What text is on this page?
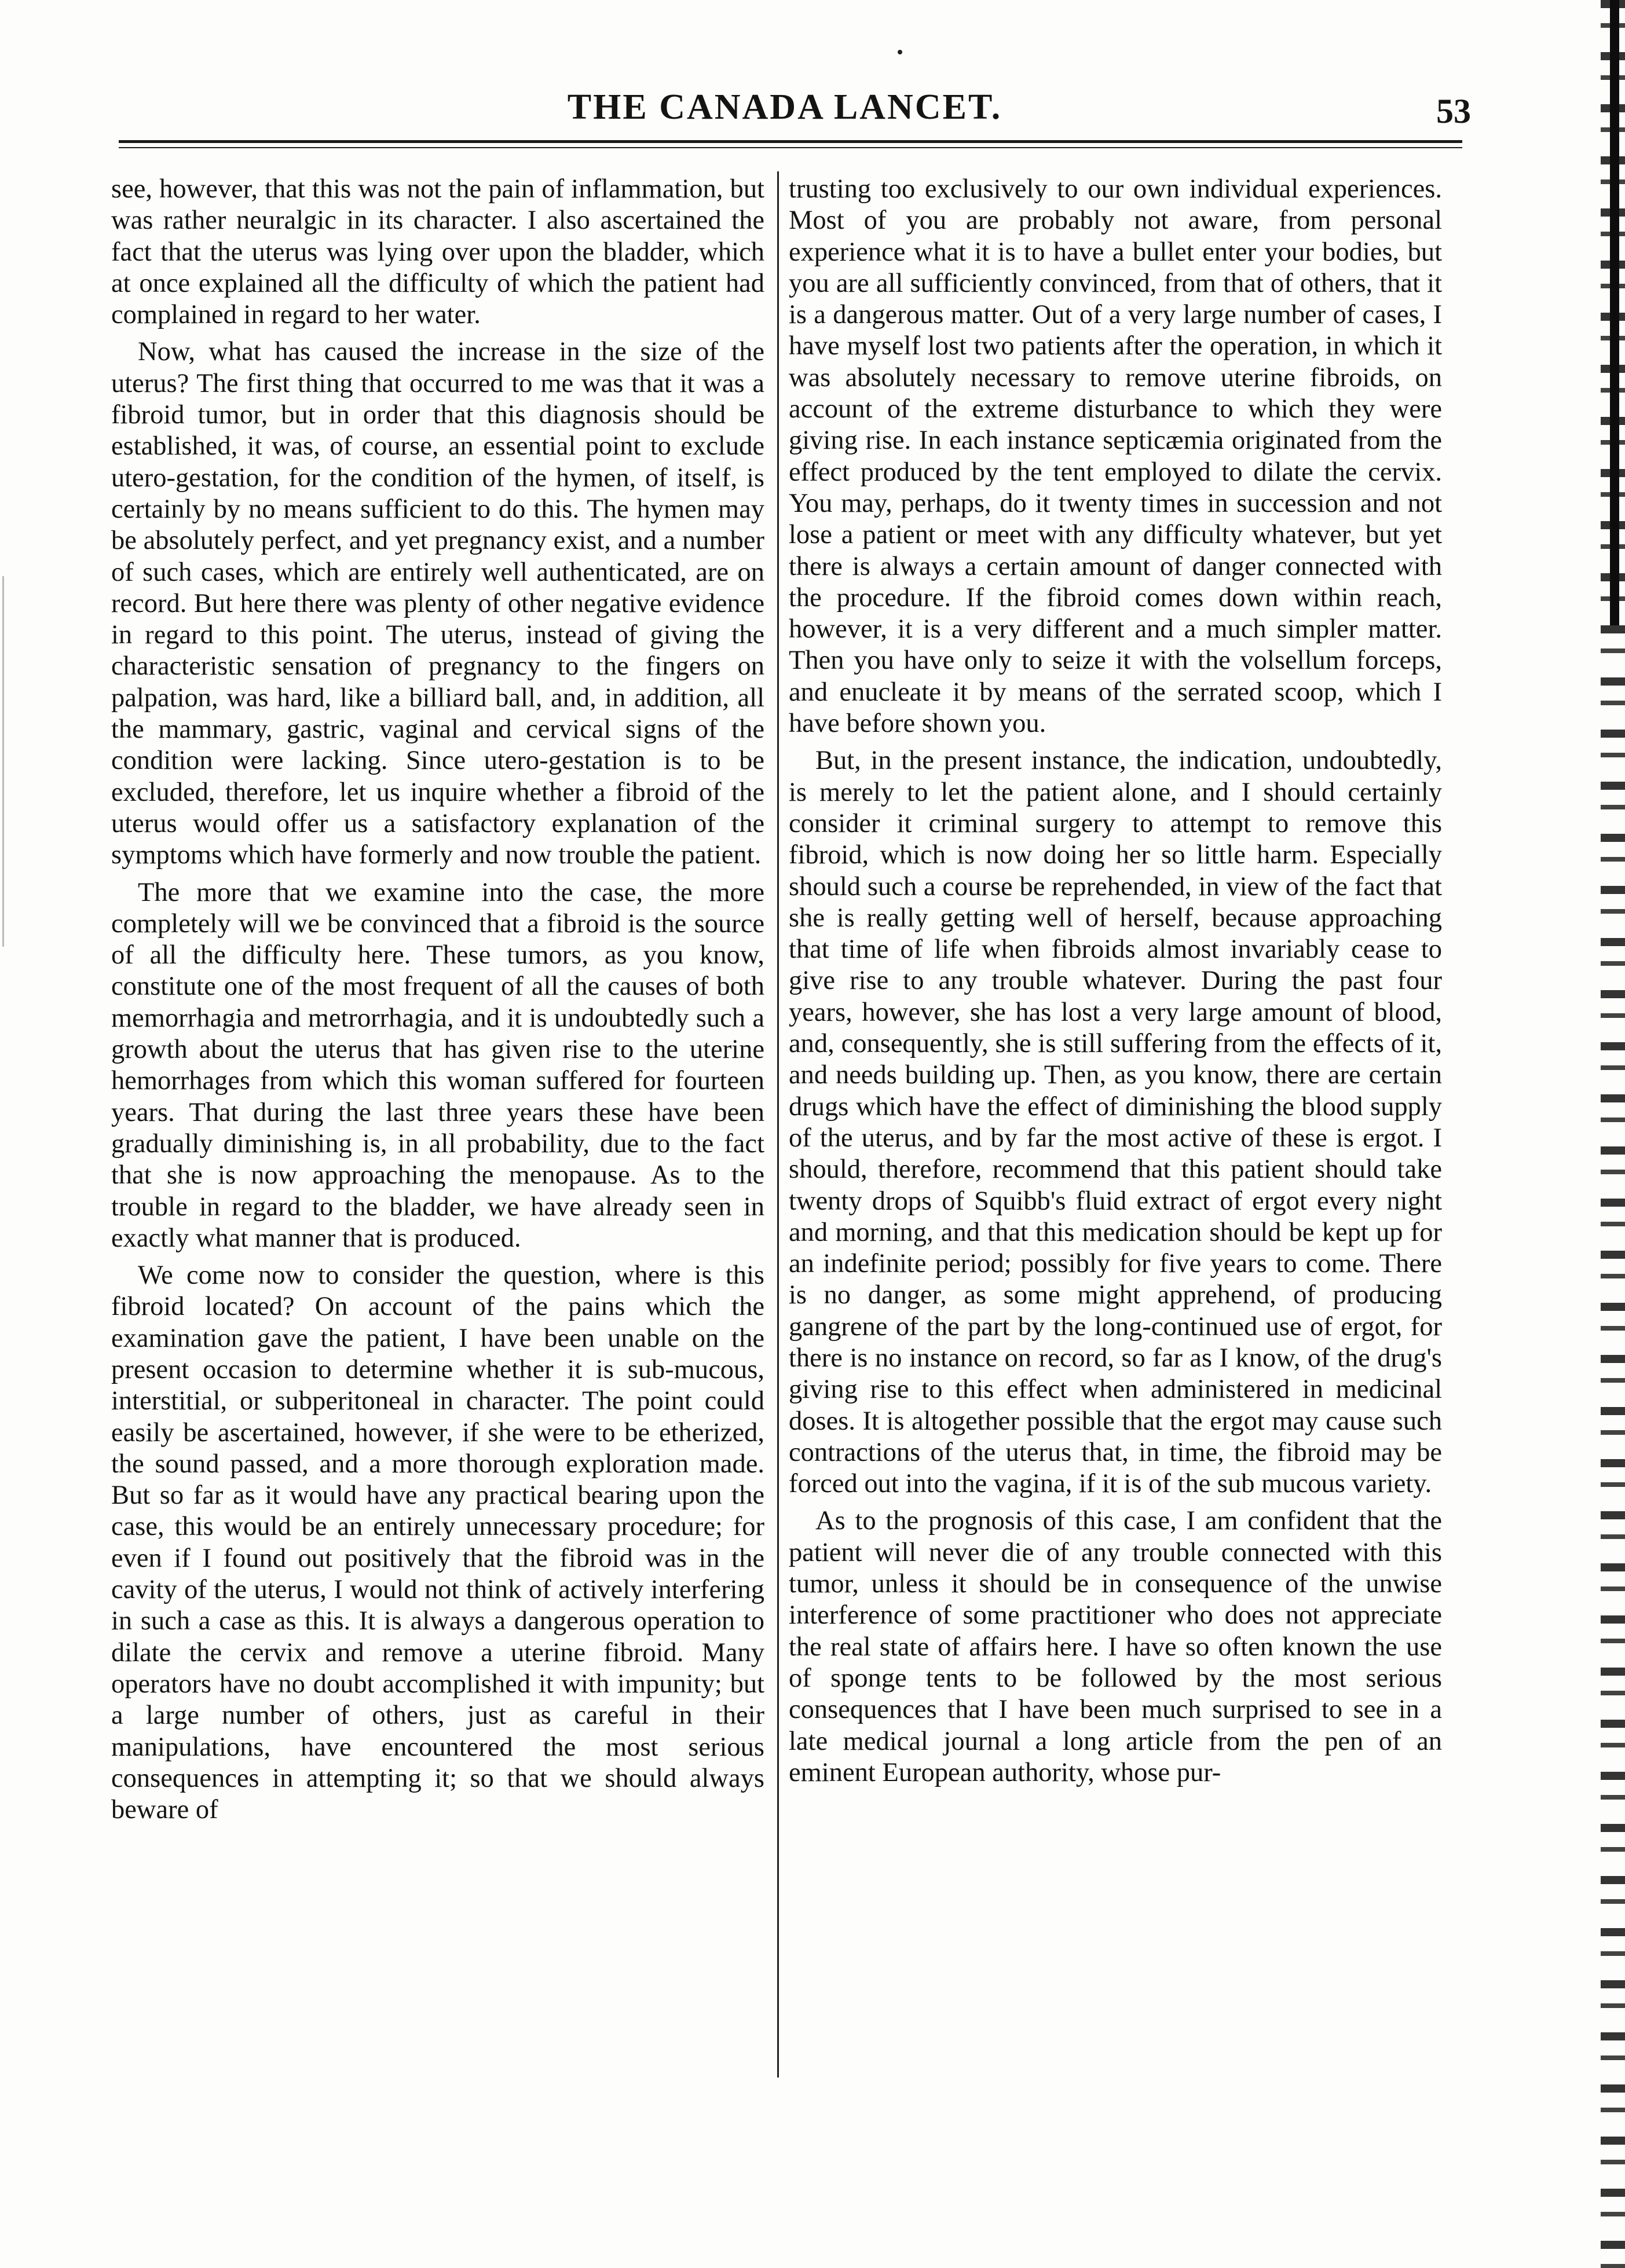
THE CANADA LANCET.	53

see, however, that this was not the pain of inflammation, but was rather neuralgic in its character. I also ascertained the fact that the uterus was lying over upon the bladder, which at once explained all the difficulty of which the patient had complained in regard to her water.

Now, what has caused the increase in the size of the uterus? The first thing that occurred to me was that it was a fibroid tumor, but in order that this diagnosis should be established, it was, of course, an essential point to exclude utero-gestation, for the condition of the hymen, of itself, is certainly by no means sufficient to do this. The hymen may be absolutely perfect, and yet pregnancy exist, and a number of such cases, which are entirely well authenticated, are on record. But here there was plenty of other negative evidence in regard to this point. The uterus, instead of giving the characteristic sensation of pregnancy to the fingers on palpation, was hard, like a billiard ball, and, in addition, all the mammary, gastric, vaginal and cervical signs of the condition were lacking. Since utero-gestation is to be excluded, therefore, let us inquire whether a fibroid of the uterus would offer us a satisfactory explanation of the symptoms which have formerly and now trouble the patient.

The more that we examine into the case, the more completely will we be convinced that a fibroid is the source of all the difficulty here. These tumors, as you know, constitute one of the most frequent of all the causes of both memorrhagia and metrorrhagia, and it is undoubtedly such a growth about the uterus that has given rise to the uterine hemorrhages from which this woman suffered for fourteen years. That during the last three years these have been gradually diminishing is, in all probability, due to the fact that she is now approaching the menopause. As to the trouble in regard to the bladder, we have already seen in exactly what manner that is produced.

We come now to consider the question, where is this fibroid located? On account of the pains which the examination gave the patient, I have been unable on the present occasion to determine whether it is sub-mucous, interstitial, or subperitoneal in character. The point could easily be ascertained, however, if she were to be etherized, the sound passed, and a more thorough exploration made. But so far as it would have any practical bearing upon the case, this would be an entirely unnecessary procedure; for even if I found out positively that the fibroid was in the cavity of the uterus, I would not think of actively interfering in such a case as this. It is always a dangerous operation to dilate the cervix and remove a uterine fibroid. Many operators have no doubt accomplished it with impunity; but a large number of others, just as careful in their manipulations, have encountered the most serious consequences in attempting it; so that we should always beware of

trusting too exclusively to our own individual experiences. Most of you are probably not aware, from personal experience what it is to have a bullet enter your bodies, but you are all sufficiently convinced, from that of others, that it is a dangerous matter. Out of a very large number of cases, I have myself lost two patients after the operation, in which it was absolutely necessary to remove uterine fibroids, on account of the extreme disturbance to which they were giving rise. In each instance septicæmia originated from the effect produced by the tent employed to dilate the cervix. You may, perhaps, do it twenty times in succession and not lose a patient or meet with any difficulty whatever, but yet there is always a certain amount of danger connected with the procedure. If the fibroid comes down within reach, however, it is a very different and a much simpler matter. Then you have only to seize it with the volsellum forceps, and enucleate it by means of the serrated scoop, which I have before shown you.

But, in the present instance, the indication, undoubtedly, is merely to let the patient alone, and I should certainly consider it criminal surgery to attempt to remove this fibroid, which is now doing her so little harm. Especially should such a course be reprehended, in view of the fact that she is really getting well of herself, because approaching that time of life when fibroids almost invariably cease to give rise to any trouble whatever. During the past four years, however, she has lost a very large amount of blood, and, consequently, she is still suffering from the effects of it, and needs building up. Then, as you know, there are certain drugs which have the effect of diminishing the blood supply of the uterus, and by far the most active of these is ergot. I should, therefore, recommend that this patient should take twenty drops of Squibb's fluid extract of ergot every night and morning, and that this medication should be kept up for an indefinite period; possibly for five years to come. There is no danger, as some might apprehend, of producing gangrene of the part by the long-continued use of ergot, for there is no instance on record, so far as I know, of the drug's giving rise to this effect when administered in medicinal doses. It is altogether possible that the ergot may cause such contractions of the uterus that, in time, the fibroid may be forced out into the vagina, if it is of the sub mucous variety.

As to the prognosis of this case, I am confident that the patient will never die of any trouble connected with this tumor, unless it should be in consequence of the unwise interference of some practitioner who does not appreciate the real state of affairs here. I have so often known the use of sponge tents to be followed by the most serious consequences that I have been much surprised to see in a late medical journal a long article from the pen of an eminent European authority, whose pur-
